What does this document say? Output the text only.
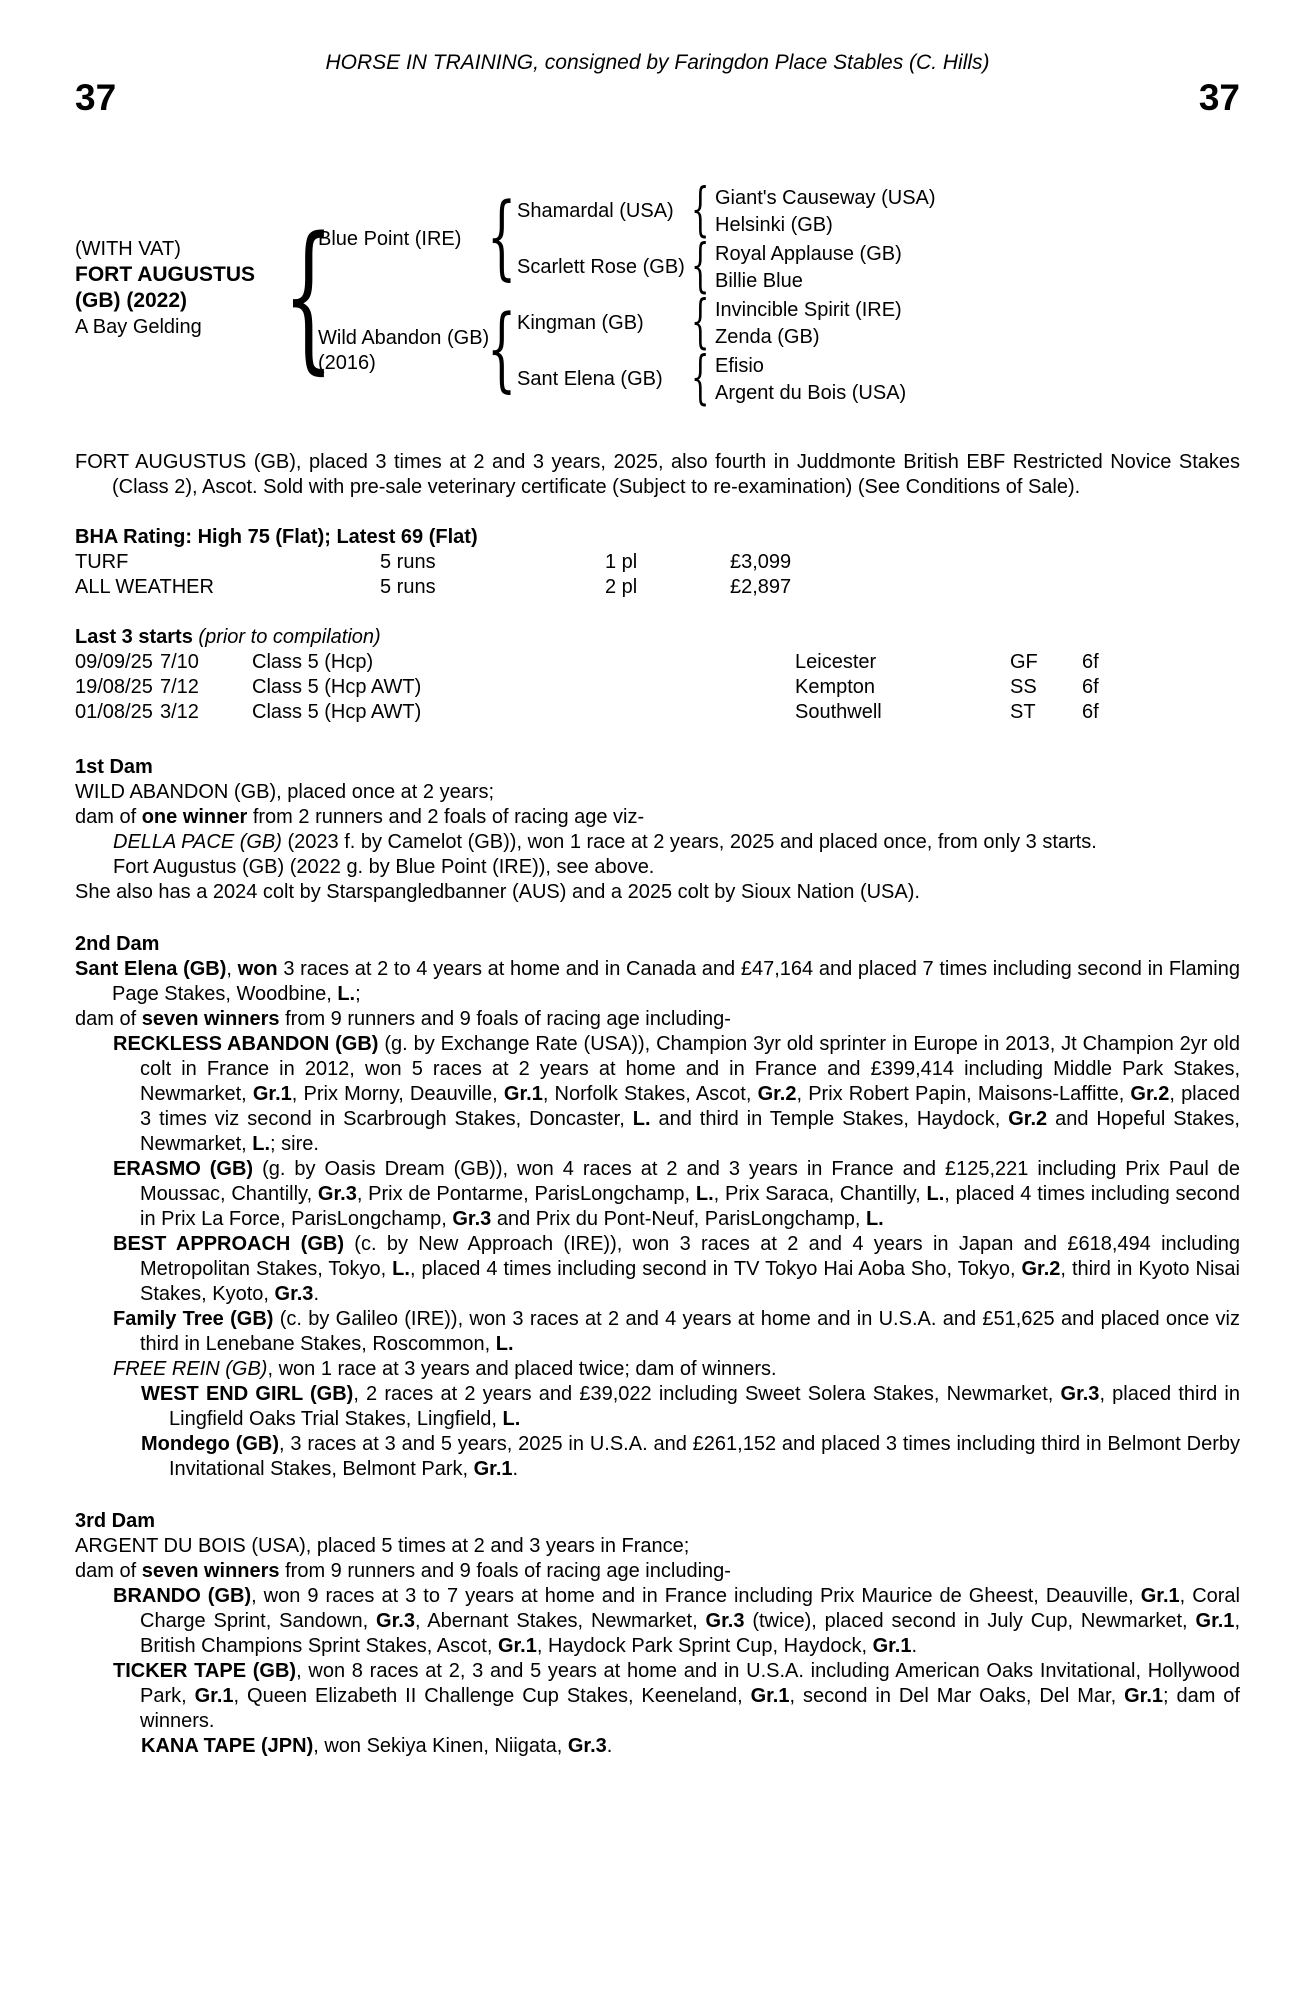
HORSE IN TRAINING, consigned by Faringdon Place Stables (C. Hills)
37	37
(WITH VAT)
FORT AUGUSTUS
(GB) (2022)
A Bay Gelding {
Blue Point (IRE)
Wild Abandon (GB)
(2016)
{
{
Shamardal (USA)
Scarlett Rose (GB)
Kingman (GB)
Sant Elena (GB)
{
{
{
{
Giant's Causeway (USA)
Helsinki (GB)
Royal Applause (GB)
Billie Blue
Invincible Spirit (IRE)
Zenda (GB)
Efisio
Argent du Bois (USA)
FORT AUGUSTUS (GB), placed 3 times at 2 and 3 years, 2025, also fourth in Juddmonte British EBF Restricted Novice Stakes (Class 2), Ascot. Sold with pre-sale veterinary certificate (Subject to re-examination) (See Conditions of Sale).
BHA Rating: High 75 (Flat); Latest 69 (Flat)
TURF	5 runs	1 pl	£3,099
ALL WEATHER	5 runs	2 pl	£2,897
Last 3 starts (prior to compilation)
09/09/25 7/10	Class 5 (Hcp)	Leicester	GF	6f
19/08/25 7/12	Class 5 (Hcp AWT)	Kempton	SS	6f
01/08/25 3/12	Class 5 (Hcp AWT)	Southwell	ST	6f
1st Dam
WILD ABANDON (GB), placed once at 2 years;
dam of one winner from 2 runners and 2 foals of racing age viz-
DELLA PACE (GB) (2023 f. by Camelot (GB)), won 1 race at 2 years, 2025 and placed once, from only 3 starts.
Fort Augustus (GB) (2022 g. by Blue Point (IRE)), see above.
She also has a 2024 colt by Starspangledbanner (AUS) and a 2025 colt by Sioux Nation (USA).
2nd Dam
Sant Elena (GB), won 3 races at 2 to 4 years at home and in Canada and £47,164 and placed 7 times including second in Flaming Page Stakes, Woodbine, L.;
dam of seven winners from 9 runners and 9 foals of racing age including-
RECKLESS ABANDON (GB) (g. by Exchange Rate (USA)), Champion 3yr old sprinter in Europe in 2013, Jt Champion 2yr old colt in France in 2012, won 5 races at 2 years at home and in France and £399,414 including Middle Park Stakes, Newmarket, Gr.1, Prix Morny, Deauville, Gr.1, Norfolk Stakes, Ascot, Gr.2, Prix Robert Papin, Maisons-Laffitte, Gr.2, placed 3 times viz second in Scarbrough Stakes, Doncaster, L. and third in Temple Stakes, Haydock, Gr.2 and Hopeful Stakes, Newmarket, L.; sire.
ERASMO (GB) (g. by Oasis Dream (GB)), won 4 races at 2 and 3 years in France and £125,221 including Prix Paul de Moussac, Chantilly, Gr.3, Prix de Pontarme, ParisLongchamp, L., Prix Saraca, Chantilly, L., placed 4 times including second in Prix La Force, ParisLongchamp, Gr.3 and Prix du Pont-Neuf, ParisLongchamp, L.
BEST APPROACH (GB) (c. by New Approach (IRE)), won 3 races at 2 and 4 years in Japan and £618,494 including Metropolitan Stakes, Tokyo, L., placed 4 times including second in TV Tokyo Hai Aoba Sho, Tokyo, Gr.2, third in Kyoto Nisai Stakes, Kyoto, Gr.3.
Family Tree (GB) (c. by Galileo (IRE)), won 3 races at 2 and 4 years at home and in U.S.A. and £51,625 and placed once viz third in Lenebane Stakes, Roscommon, L.
FREE REIN (GB), won 1 race at 3 years and placed twice; dam of winners.
WEST END GIRL (GB), 2 races at 2 years and £39,022 including Sweet Solera Stakes, Newmarket, Gr.3, placed third in Lingfield Oaks Trial Stakes, Lingfield, L.
Mondego (GB), 3 races at 3 and 5 years, 2025 in U.S.A. and £261,152 and placed 3 times including third in Belmont Derby Invitational Stakes, Belmont Park, Gr.1.
3rd Dam
ARGENT DU BOIS (USA), placed 5 times at 2 and 3 years in France;
dam of seven winners from 9 runners and 9 foals of racing age including-
BRANDO (GB), won 9 races at 3 to 7 years at home and in France including Prix Maurice de Gheest, Deauville, Gr.1, Coral Charge Sprint, Sandown, Gr.3, Abernant Stakes, Newmarket, Gr.3 (twice), placed second in July Cup, Newmarket, Gr.1, British Champions Sprint Stakes, Ascot, Gr.1, Haydock Park Sprint Cup, Haydock, Gr.1.
TICKER TAPE (GB), won 8 races at 2, 3 and 5 years at home and in U.S.A. including American Oaks Invitational, Hollywood Park, Gr.1, Queen Elizabeth II Challenge Cup Stakes, Keeneland, Gr.1, second in Del Mar Oaks, Del Mar, Gr.1; dam of winners.
KANA TAPE (JPN), won Sekiya Kinen, Niigata, Gr.3.
